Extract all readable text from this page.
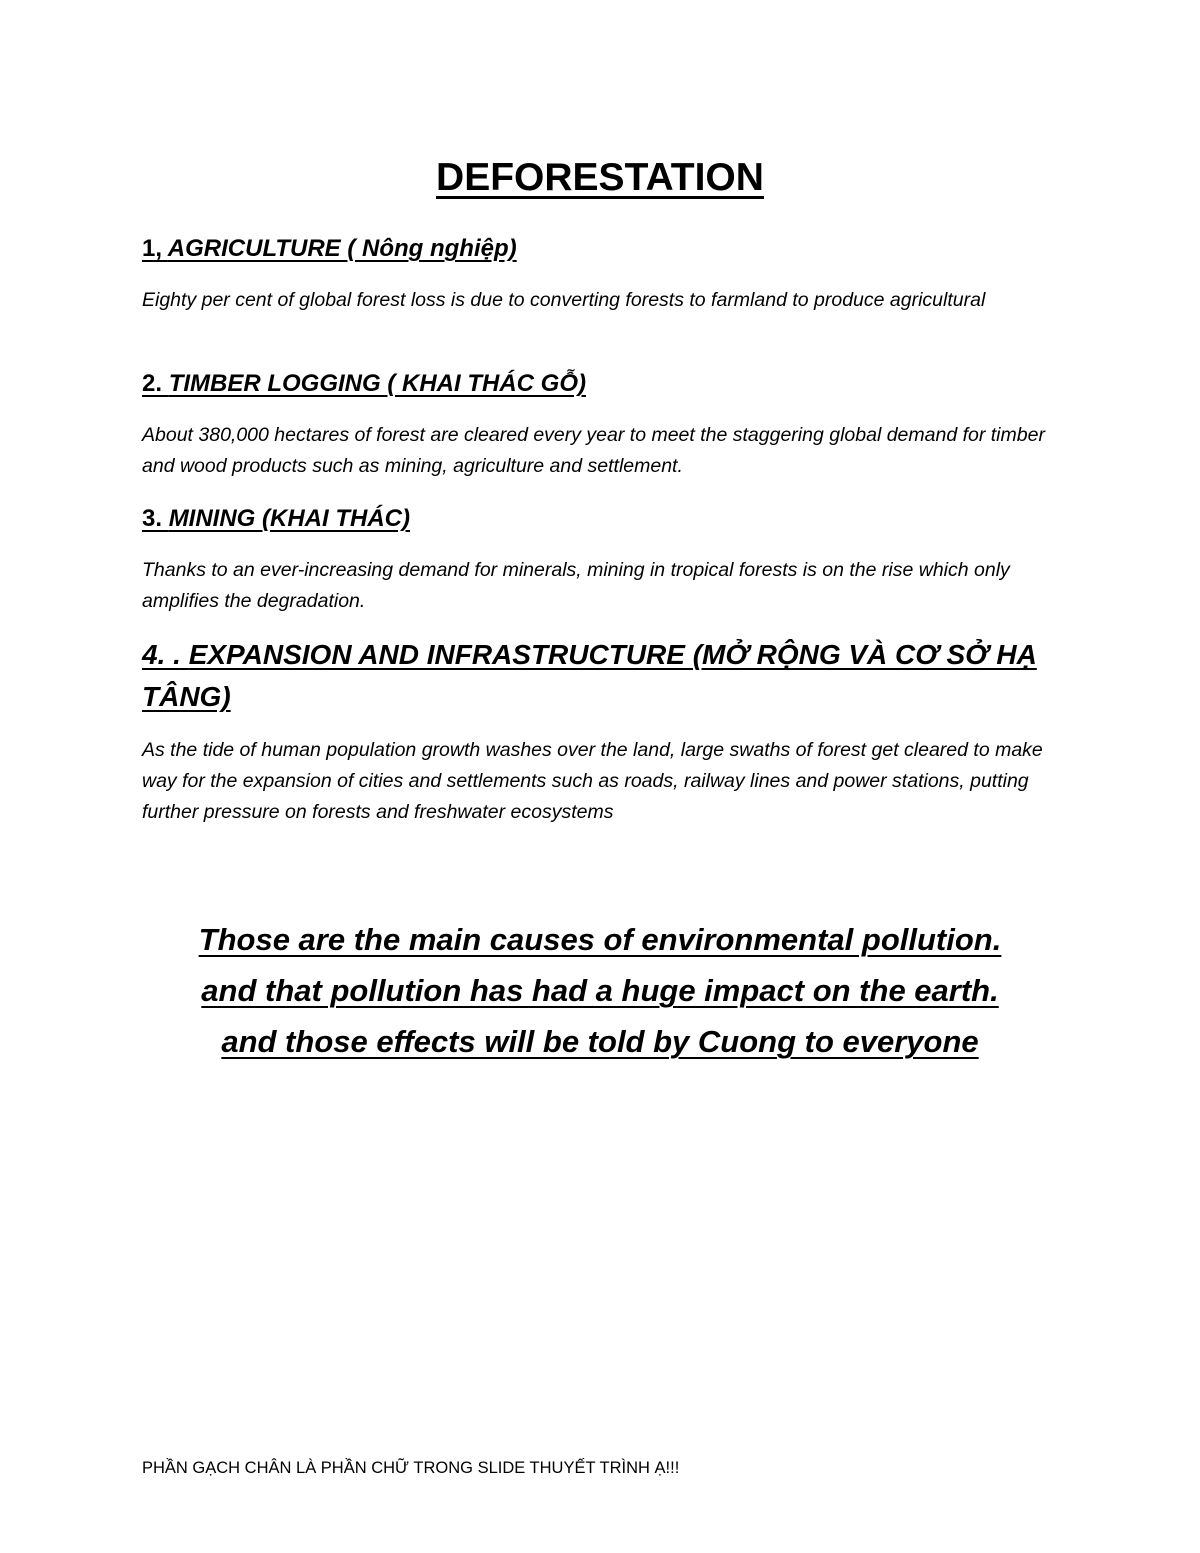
DEFORESTATION
1, AGRICULTURE ( Nông nghiệp)

Eighty per cent of global forest loss is due to converting forests to farmland to produce agricultural

2. TIMBER LOGGING ( KHAI THÁC GỖ)

About 380,000 hectares of forest are cleared every year to meet the staggering global demand for timber and wood products such as mining, agriculture and settlement.

3. MINING (KHAI THÁC)

Thanks to an ever-increasing demand for minerals, mining in tropical forests is on the rise which only amplifies the degradation.

4. . EXPANSION AND INFRASTRUCTURE (MỞ RỘNG VÀ CƠ SỞ HẠ TÂNG)

As the tide of human population growth washes over the land, large swaths of forest get cleared to make way for the expansion of cities and settlements such as roads, railway lines and power stations, putting further pressure on forests and freshwater ecosystems

Those are the main causes of environmental pollution.
and that pollution has had a huge impact on the earth.
and those effects will be told by Cuong to everyone

PHẦN GẠCH CHÂN LÀ PHẦN CHỮ TRONG SLIDE THUYẾT TRÌNH Ạ!!!
